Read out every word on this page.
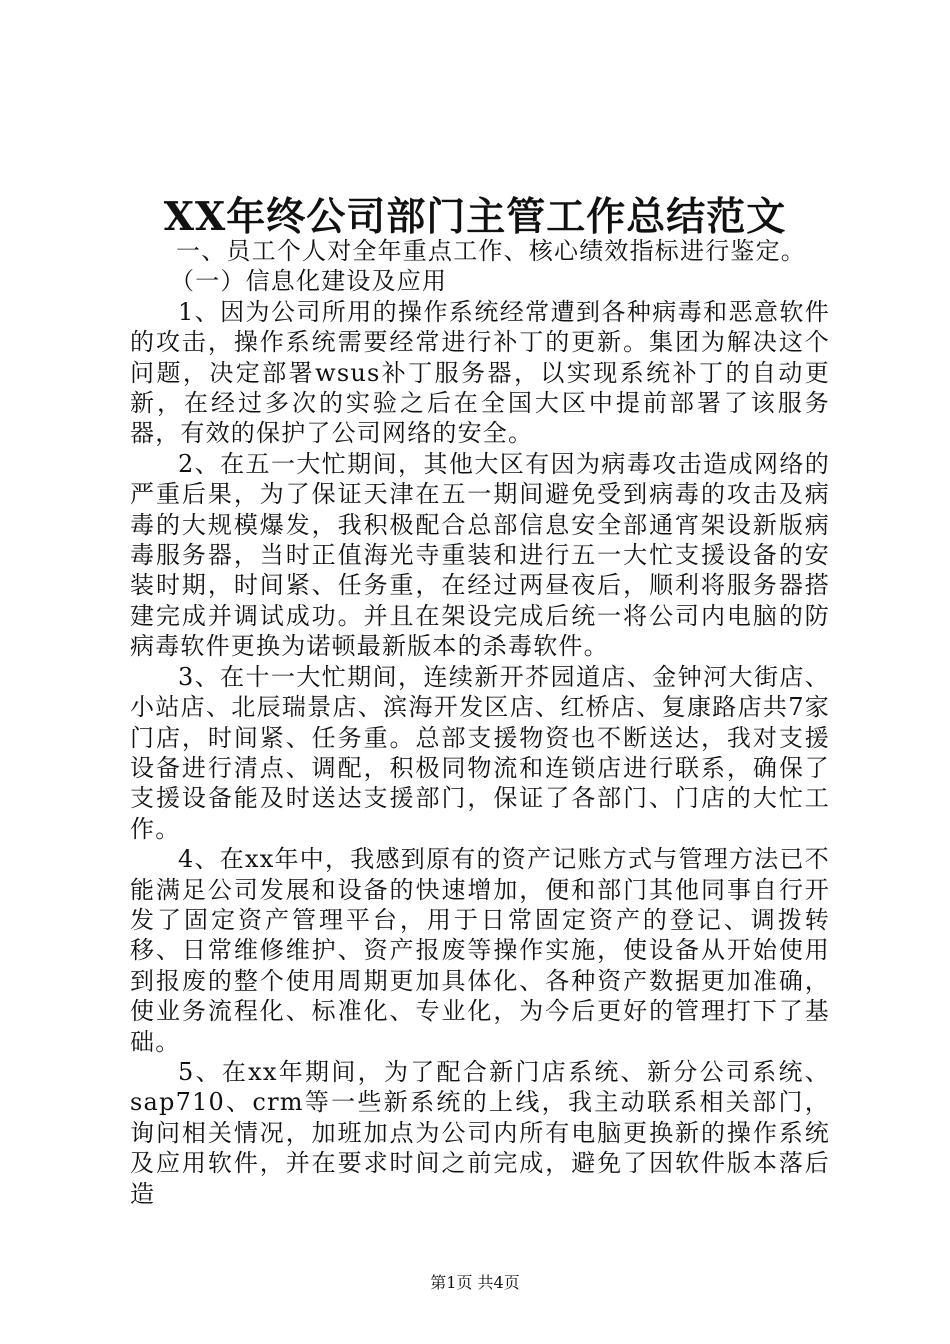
XX年终公司部门主管工作总结范文

一、员工个人对全年重点工作、核心绩效指标进行鉴定。

（一）信息化建设及应用

1、因为公司所用的操作系统经常遭到各种病毒和恶意软件的攻击，操作系统需要经常进行补丁的更新。集团为解决这个问题，决定部署wsus补丁服务器，以实现系统补丁的自动更新，在经过多次的实验之后在全国大区中提前部署了该服务器，有效的保护了公司网络的安全。

2、在五一大忙期间，其他大区有因为病毒攻击造成网络的严重后果，为了保证天津在五一期间避免受到病毒的攻击及病毒的大规模爆发，我积极配合总部信息安全部通宵架设新版病毒服务器，当时正值海光寺重装和进行五一大忙支援设备的安装时期，时间紧、任务重，在经过两昼夜后，顺利将服务器搭建完成并调试成功。并且在架设完成后统一将公司内电脑的防病毒软件更换为诺顿最新版本的杀毒软件。

3、在十一大忙期间，连续新开芥园道店、金钟河大街店、小站店、北辰瑞景店、滨海开发区店、红桥店、复康路店共7家门店，时间紧、任务重。总部支援物资也不断送达，我对支援设备进行清点、调配，积极同物流和连锁店进行联系，确保了支援设备能及时送达支援部门，保证了各部门、门店的大忙工作。

4、在xx年中，我感到原有的资产记账方式与管理方法已不能满足公司发展和设备的快速增加，便和部门其他同事自行开发了固定资产管理平台，用于日常固定资产的登记、调拨转移、日常维修维护、资产报废等操作实施，使设备从开始使用到报废的整个使用周期更加具体化、各种资产数据更加准确，使业务流程化、标准化、专业化，为今后更好的管理打下了基础。

5、在xx年期间，为了配合新门店系统、新分公司系统、sap710、crm等一些新系统的上线，我主动联系相关部门，询问相关情况，加班加点为公司内所有电脑更换新的操作系统及应用软件，并在要求时间之前完成，避免了因软件版本落后造

第1页 共4页
